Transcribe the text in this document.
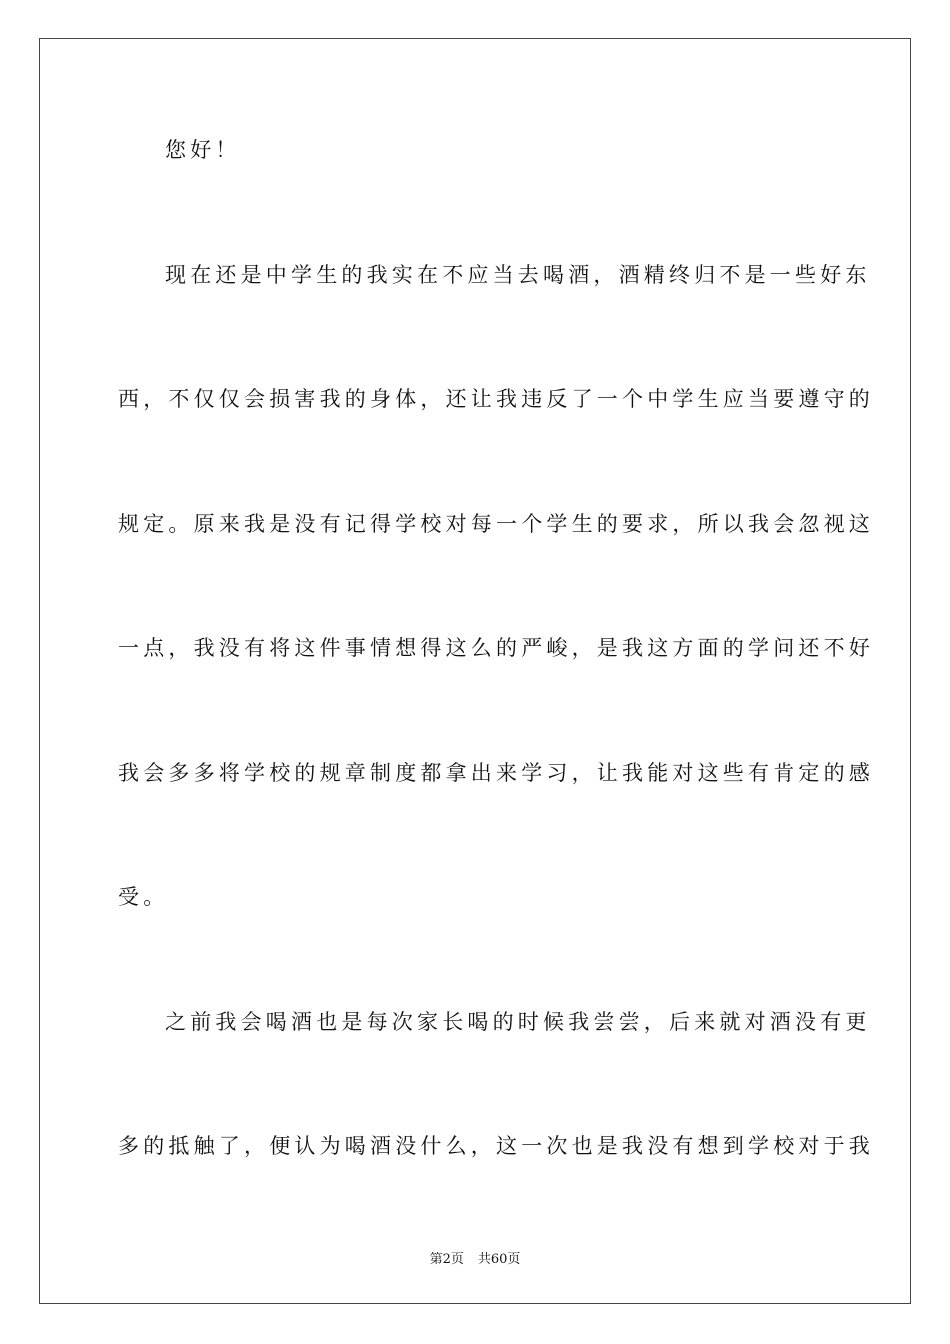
您好！
现在还是中学生的我实在不应当去喝酒，酒精终归不是一些好东
西，不仅仅会损害我的身体，还让我违反了一个中学生应当要遵守的
规定。原来我是没有记得学校对每一个学生的要求，所以我会忽视这
一点，我没有将这件事情想得这么的严峻，是我这方面的学问还不好
我会多多将学校的规章制度都拿出来学习，让我能对这些有肯定的感
受。
之前我会喝酒也是每次家长喝的时候我尝尝，后来就对酒没有更
多的抵触了，便认为喝酒没什么，这一次也是我没有想到学校对于我
第2页 共60页
